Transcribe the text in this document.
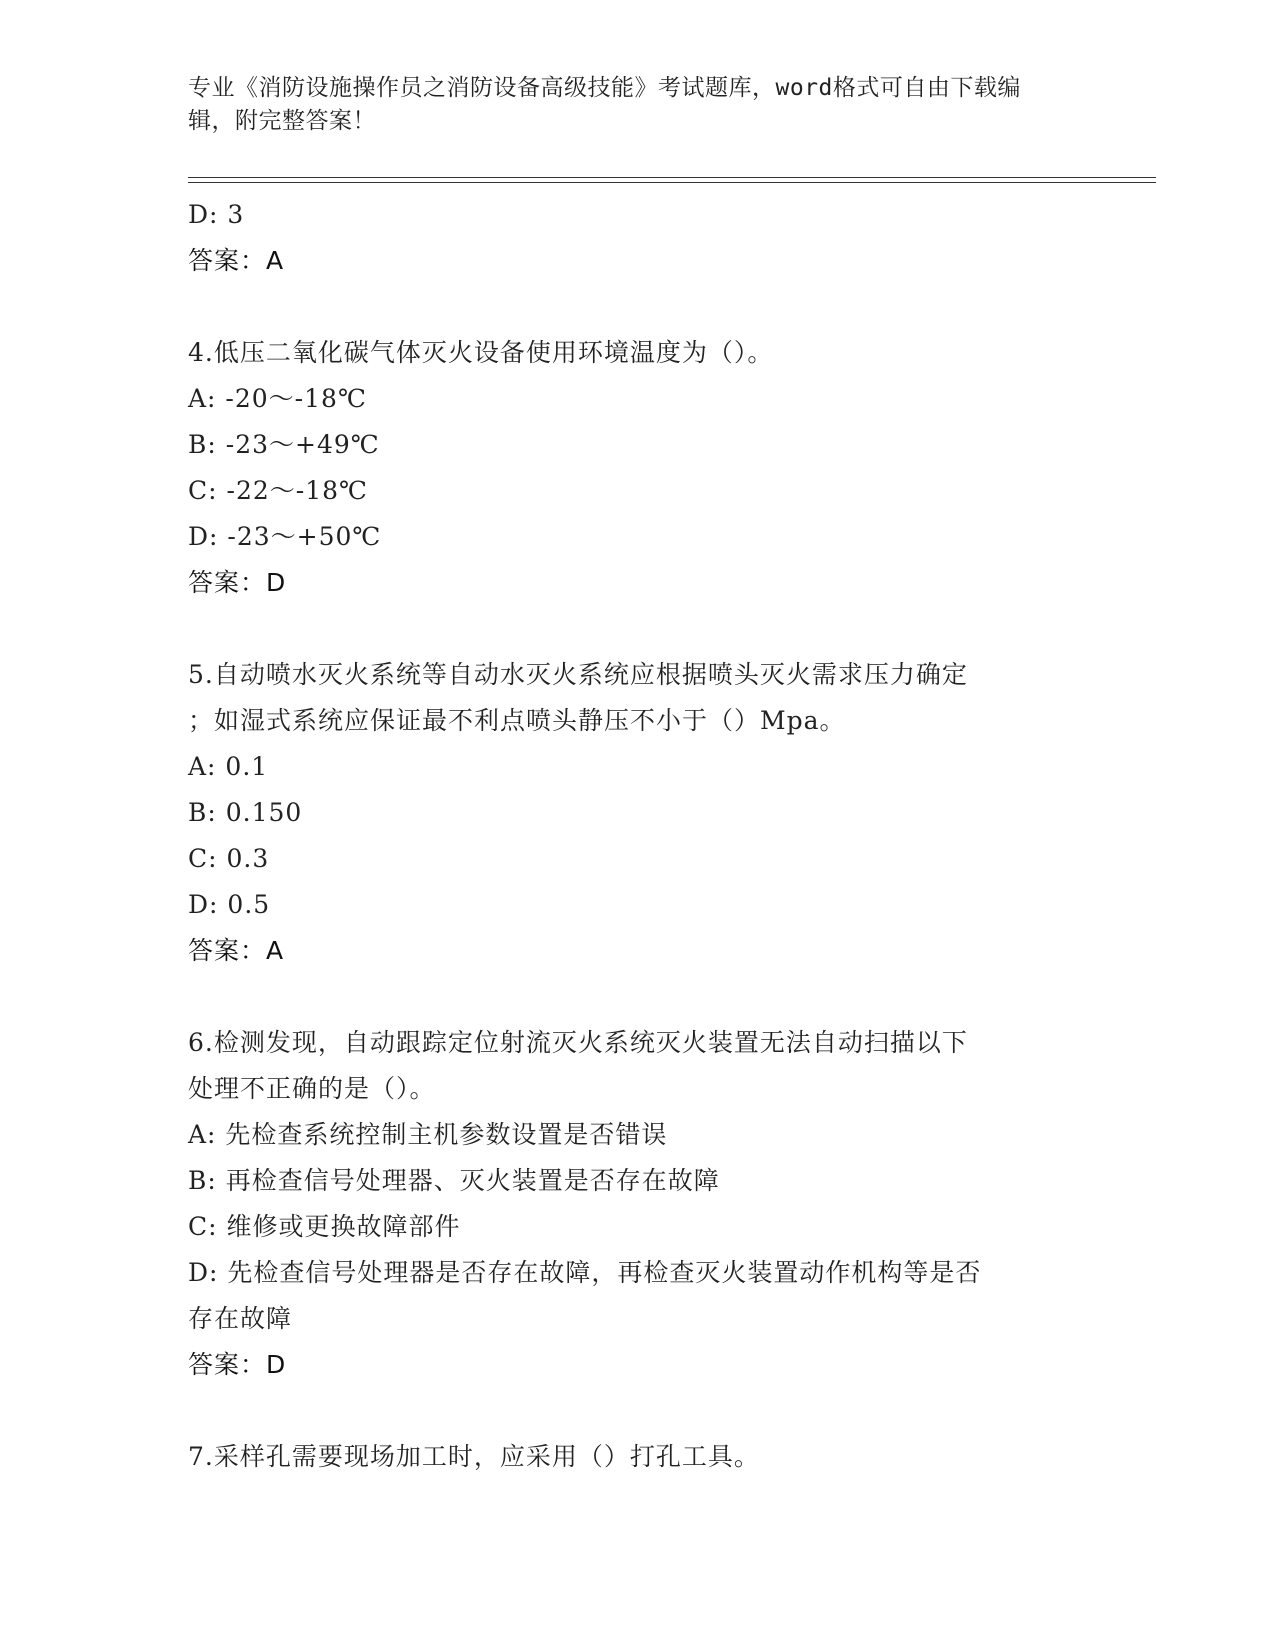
专业《消防设施操作员之消防设备高级技能》考试题库，word格式可自由下载编
辑，附完整答案！
D: 3
答案：A
4.低压二氧化碳气体灭火设备使用环境温度为（）。
A: -20～-18℃
B: -23～+49℃
C: -22～-18℃
D: -23～+50℃
答案：D
5.自动喷水灭火系统等自动水灭火系统应根据喷头灭火需求压力确定
；如湿式系统应保证最不利点喷头静压不小于（）Mpa。
A: 0.1
B: 0.150
C: 0.3
D: 0.5
答案：A
6.检测发现，自动跟踪定位射流灭火系统灭火装置无法自动扫描以下
处理不正确的是（）。
A: 先检查系统控制主机参数设置是否错误
B: 再检查信号处理器、灭火装置是否存在故障
C: 维修或更换故障部件
D: 先检查信号处理器是否存在故障，再检查灭火装置动作机构等是否
存在故障
答案：D
7.采样孔需要现场加工时，应采用（）打孔工具。
